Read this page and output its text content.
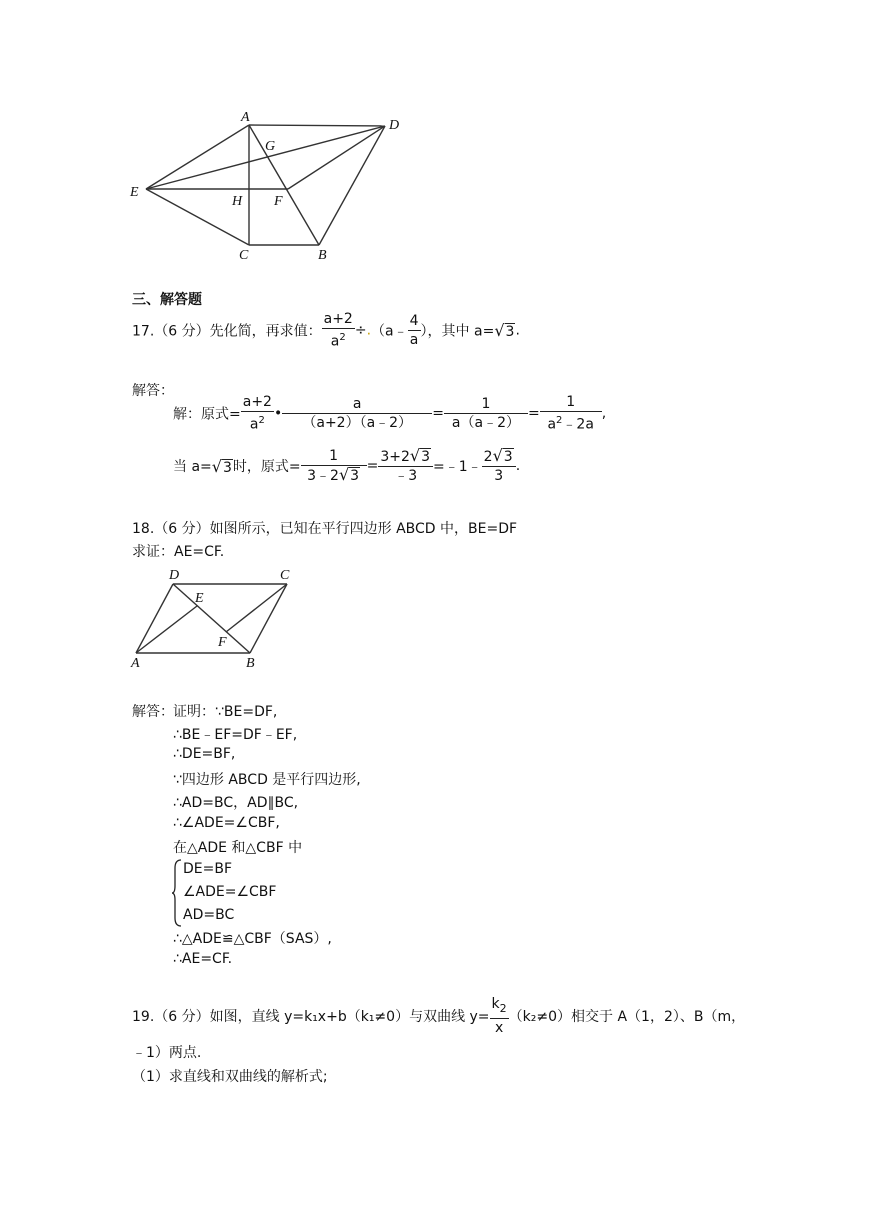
A
D
G
E
H F
C	B
三、解答题
17.（6 分）先化简，再求值： $\frac{a+2}{a^2}$ ÷.（a﹣ $\frac{4}{a}$ ），其中 a=√3.
解答：
解：原式= $\frac{a+2}{a^2}$ • $\frac{a}{(a+2)(a﹣2)} = \frac{1}{a(a﹣2)} = \frac{1}{a^2﹣2a}$ ,
当 a=√3时，原式= $\frac{1}{3﹣2√3} = \frac{3+2√3}{﹣3}$ =﹣1﹣ $\frac{2√3}{3}$ .
18.（6 分）如图所示，已知在平行四边形 ABCD 中，BE=DF
求证：AE=CF.
D	C
E
F
A	B
解答： 证明：∵BE=DF,
∴BE﹣EF=DF﹣EF,
∴DE=BF,
∵四边形 ABCD 是平行四边形,
∴AD=BC，AD∥BC,
∴∠ADE=∠CBF,
在△ADE 和△CBF 中
DE=BF
∠ADE=∠CBF
AD=BC
∴△ADE≌△CBF（SAS）,
∴AE=CF.
19.（6 分）如图，直线 y=k₁x+b（k₁≠0）与双曲线 $y= \frac{k_2}{x} (k_2\ne 0)$相交于 A（1，2）、B（m，
﹣1）两点.
（1）求直线和双曲线的解析式;
